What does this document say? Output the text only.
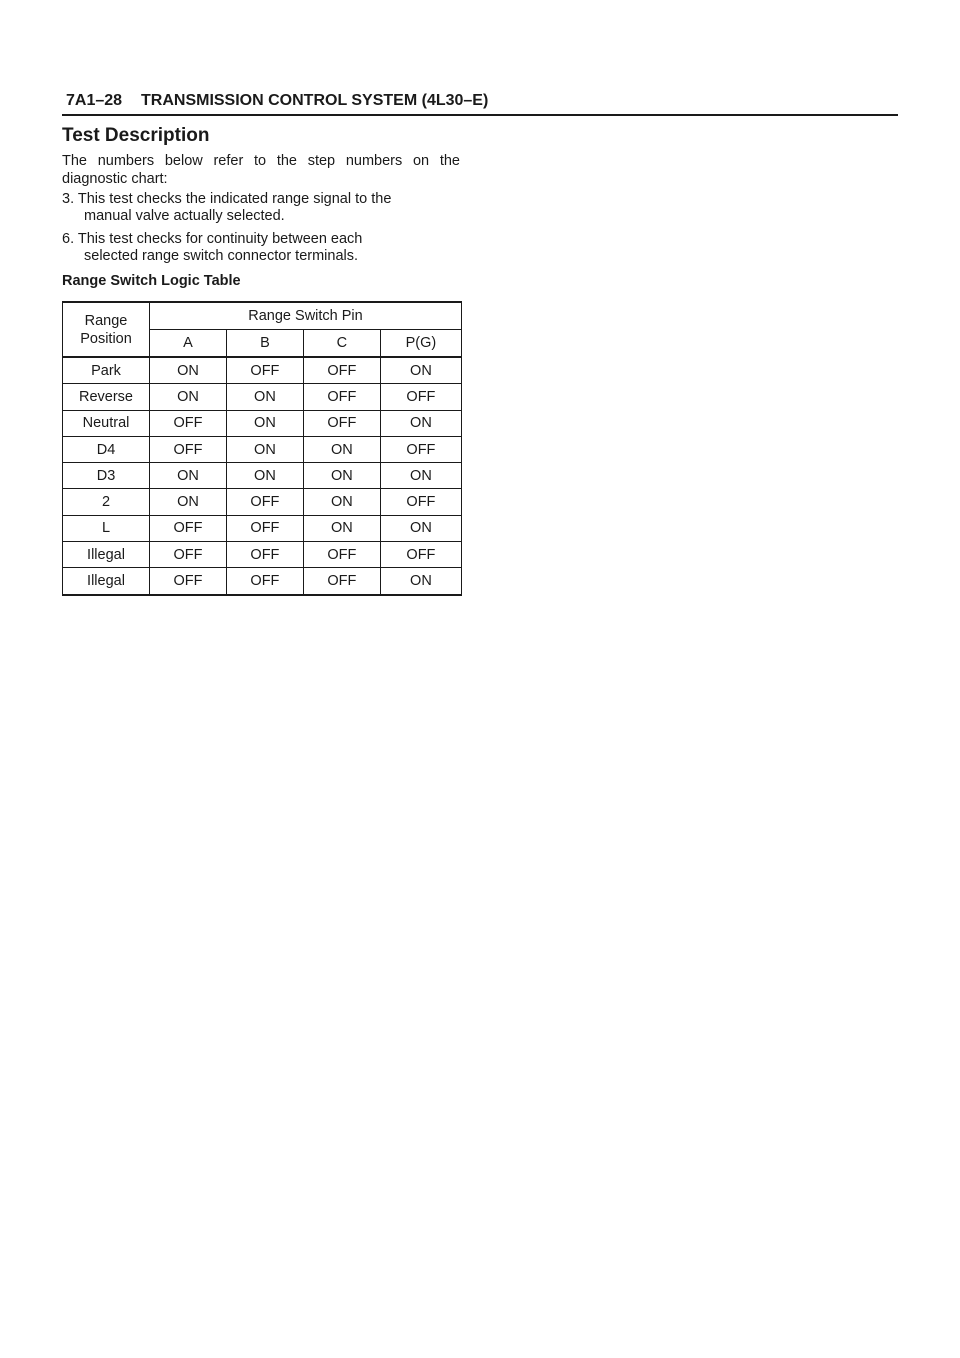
7A1–28 TRANSMISSION CONTROL SYSTEM (4L30–E)
Test Description
The numbers below refer to the step numbers on the diagnostic chart:
3. This test checks the indicated range signal to the
manual valve actually selected.
6. This test checks for continuity between each
selected range switch connector terminals.
Range Switch Logic Table
Range
Position	Range Switch Pin			
	A	B	C	P(G)
Park	ON	OFF	OFF	ON
Reverse	ON	ON	OFF	OFF
Neutral	OFF	ON	OFF	ON
D4	OFF	ON	ON	OFF
D3	ON	ON	ON	ON
2	ON	OFF	ON	OFF
L	OFF	OFF	ON	ON
Illegal	OFF	OFF	OFF	OFF
Illegal	OFF	OFF	OFF	ON
